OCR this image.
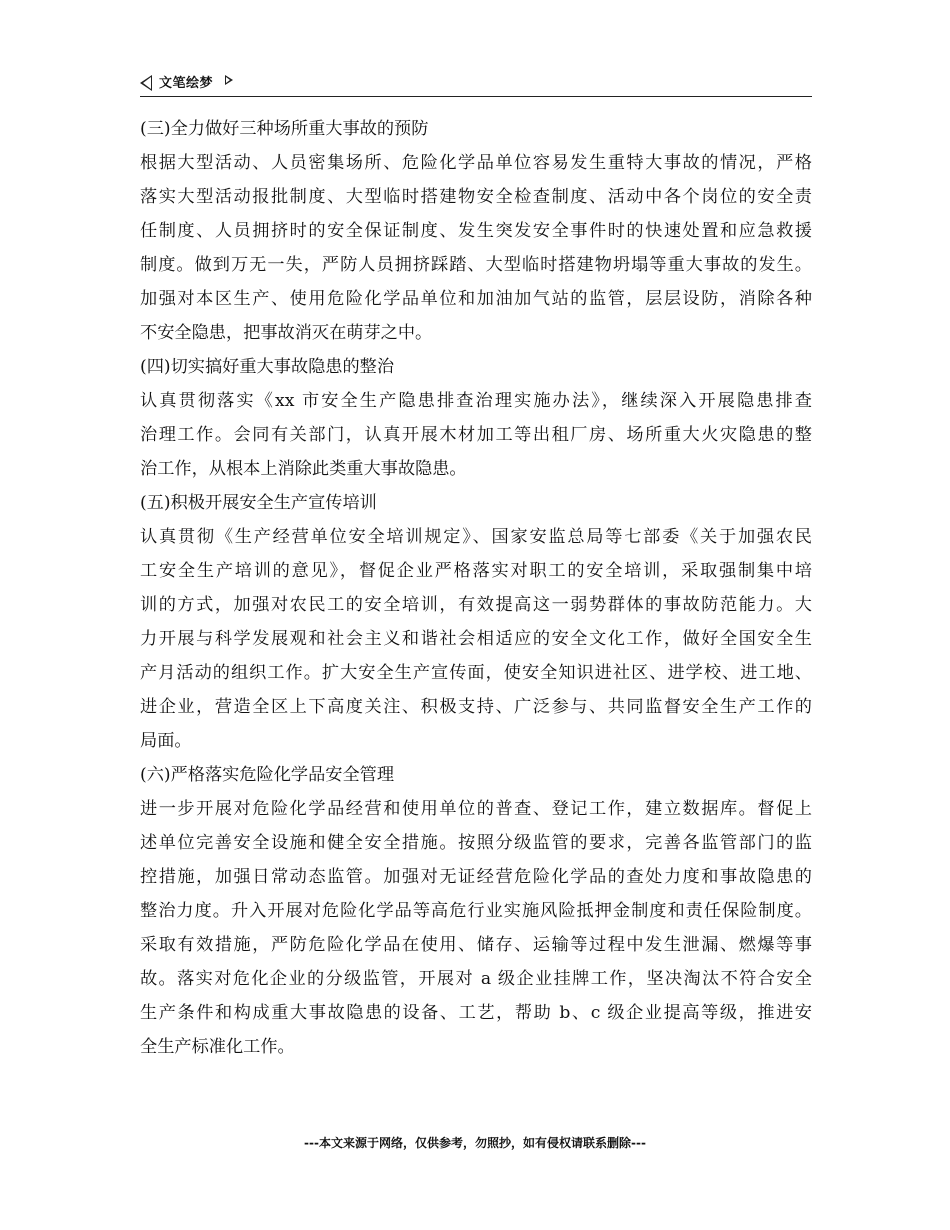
文笔绘梦
(三)全力做好三种场所重大事故的预防
根据大型活动、人员密集场所、危险化学品单位容易发生重特大事故的情况，严格
落实大型活动报批制度、大型临时搭建物安全检查制度、活动中各个岗位的安全责
任制度、人员拥挤时的安全保证制度、发生突发安全事件时的快速处置和应急救援
制度。做到万无一失，严防人员拥挤踩踏、大型临时搭建物坍塌等重大事故的发生。
加强对本区生产、使用危险化学品单位和加油加气站的监管，层层设防，消除各种
不安全隐患，把事故消灭在萌芽之中。
(四)切实搞好重大事故隐患的整治
认真贯彻落实《xx 市安全生产隐患排查治理实施办法》，继续深入开展隐患排查
治理工作。会同有关部门，认真开展木材加工等出租厂房、场所重大火灾隐患的整
治工作，从根本上消除此类重大事故隐患。
(五)积极开展安全生产宣传培训
认真贯彻《生产经营单位安全培训规定》、国家安监总局等七部委《关于加强农民
工安全生产培训的意见》，督促企业严格落实对职工的安全培训，采取强制集中培
训的方式，加强对农民工的安全培训，有效提高这一弱势群体的事故防范能力。大
力开展与科学发展观和社会主义和谐社会相适应的安全文化工作，做好全国安全生
产月活动的组织工作。扩大安全生产宣传面，使安全知识进社区、进学校、进工地、
进企业，营造全区上下高度关注、积极支持、广泛参与、共同监督安全生产工作的
局面。
(六)严格落实危险化学品安全管理
进一步开展对危险化学品经营和使用单位的普查、登记工作，建立数据库。督促上
述单位完善安全设施和健全安全措施。按照分级监管的要求，完善各监管部门的监
控措施，加强日常动态监管。加强对无证经营危险化学品的查处力度和事故隐患的
整治力度。升入开展对危险化学品等高危行业实施风险抵押金制度和责任保险制度。
采取有效措施，严防危险化学品在使用、储存、运输等过程中发生泄漏、燃爆等事
故。落实对危化企业的分级监管，开展对 a 级企业挂牌工作，坚决淘汰不符合安全
生产条件和构成重大事故隐患的设备、工艺，帮助 b、c 级企业提高等级，推进安
全生产标准化工作。
---本文来源于网络，仅供参考，勿照抄，如有侵权请联系删除---
